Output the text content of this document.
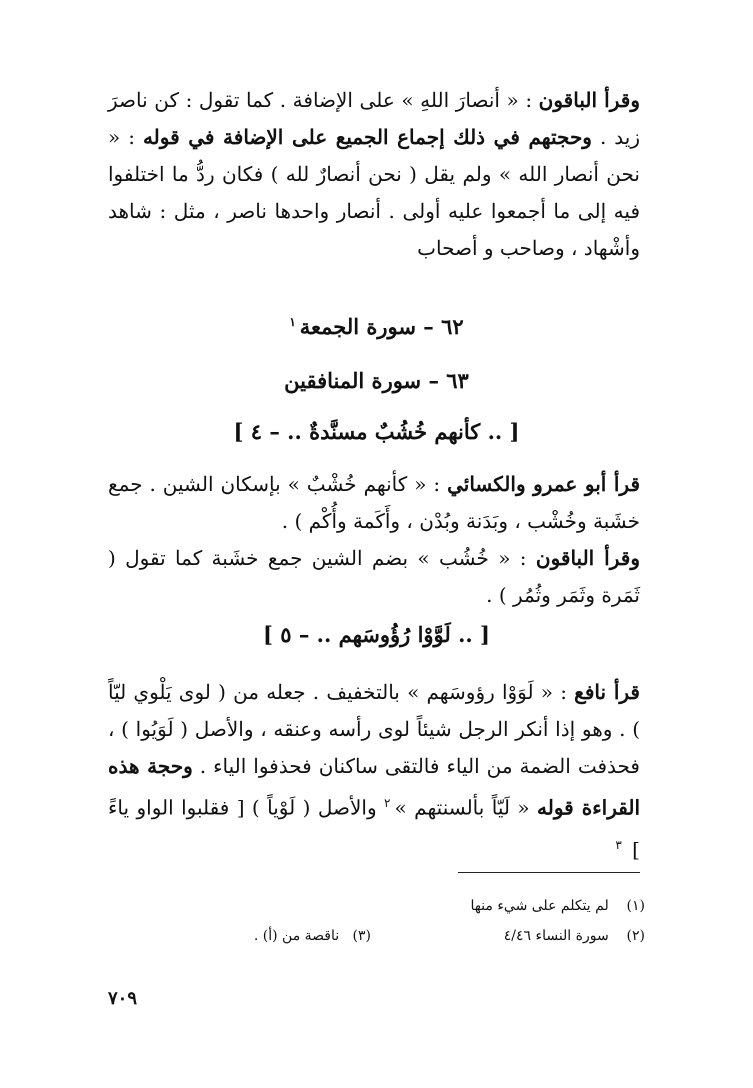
وقرأ الباقون : « أنصارَ اللهِ » على الإضافة . كما تقول : كن ناصرَ زيد . وحجتهم في ذلك إجماع الجميع على الإضافة في قوله : « نحن أنصار الله » ولم يقل ( نحن أنصارٌ لله ) فكان ردُّ ما اختلفوا فيه إلى ما أجمعوا عليه أولى . أنصار واحدها ناصر ، مثل : شاهد وأشْهاد ، وصاحب و أصحاب
٦٢ – سورة الجمعة$^١$
٦٣ – سورة المنافقين
[ .. كأنهم خُشُبٌ مسنَّدةٌ .. – ٤ ]
قرأ أبو عمرو والكسائي : « كأنهم خُشْبٌ » بإسكان الشين . جمع خشَبة وخُشْب ، وبَدَنة وبُدْن ، وأَكَمة وأُكْم ) .
وقرأ الباقون : « خُشُب » بضم الشين جمع خشَبة كما تقول ( ثَمَرة وثَمَر وثُمُر ) .
[ .. لَوَّوْا رُؤُوسَهم .. – ٥ ]
قرأ نافع : « لَوَوْا رؤوسَهم » بالتخفيف . جعله من ( لوى يَلْوي ليّاً ) . وهو إذا أنكر الرجل شيئاً لوى رأسه وعنقه ، والأصل ( لَوَيُوا ) ، فحذفت الضمة من الياء فالتقى ساكنان فحذفوا الياء . وحجة هذه القراءة قوله « لَيّاً بألسنتهم »$^٢$ والأصل ( لَوْياً ) [ فقلبوا الواو ياءً ] $^٣$
(١)    لم يتكلم على شيء منها
(٢)    سورة النساء ٤/٤٦
(٣)   ناقصة من (أ) .
٧٠٩
